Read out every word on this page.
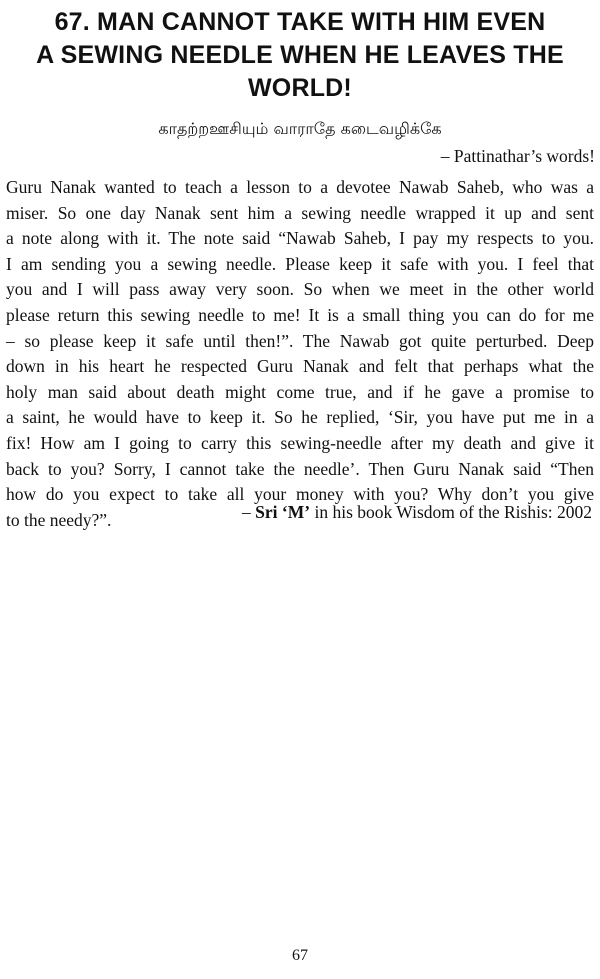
67. MAN CANNOT TAKE WITH HIM EVEN
A SEWING NEEDLE WHEN HE LEAVES THE
WORLD!

காதற்றஊசியும் வாராதே கடைவழிக்கே

– Pattinathar’s words!

Guru Nanak wanted to teach a lesson to a devotee Nawab Saheb, who was a
miser. So one day Nanak sent him a sewing needle wrapped it up and sent
a note along with it. The note said “Nawab Saheb, I pay my respects to you.
I am sending you a sewing needle. Please keep it safe with you. I feel that
you and I will pass away very soon. So when we meet in the other world
please return this sewing needle to me! It is a small thing you can do for me
– so please keep it safe until then!”. The Nawab got quite perturbed. Deep
down in his heart he respected Guru Nanak and felt that perhaps what the
holy man said about death might come true, and if he gave a promise to
a saint, he would have to keep it. So he replied, ‘Sir, you have put me in a
fix! How am I going to carry this sewing-needle after my death and give it
back to you? Sorry, I cannot take the needle’. Then Guru Nanak said “Then
how do you expect to take all your money with you? Why don’t you give
to the needy?”.	– Sri ‘M’ in his book Wisdom of the Rishis: 2002

67
